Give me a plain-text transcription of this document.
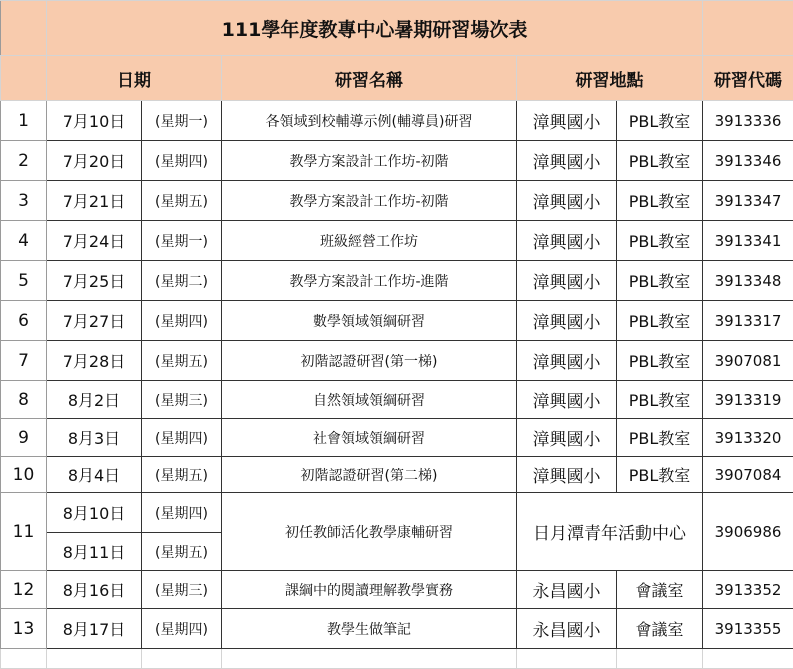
	111學年度教專中心暑期研習場次表					
	日期		研習名稱	研習地點		研習代碼
1	7月10日	(星期一)	各領域到校輔導示例(輔導員)研習	漳興國小	PBL教室	3913336
2	7月20日	(星期四)	教學方案設計工作坊-初階	漳興國小	PBL教室	3913346
3	7月21日	(星期五)	教學方案設計工作坊-初階	漳興國小	PBL教室	3913347
4	7月24日	(星期一)	班級經營工作坊	漳興國小	PBL教室	3913341
5	7月25日	(星期二)	教學方案設計工作坊-進階	漳興國小	PBL教室	3913348
6	7月27日	(星期四)	數學領域領綱研習	漳興國小	PBL教室	3913317
7	7月28日	(星期五)	初階認證研習(第一梯)	漳興國小	PBL教室	3907081
8	8月2日	(星期三)	自然領域領綱研習	漳興國小	PBL教室	3913319
9	8月3日	(星期四)	社會領域領綱研習	漳興國小	PBL教室	3913320
10	8月4日	(星期五)	初階認證研習(第二梯)	漳興國小	PBL教室	3907084
11	8月10日	(星期四)	初任教師活化教學康輔研習	日月潭青年活動中心		3906986
	8月11日	(星期五)				
12	8月16日	(星期三)	課綱中的閱讀理解教學實務	永昌國小	會議室	3913352
13	8月17日	(星期四)	教學生做筆記	永昌國小	會議室	3913355
